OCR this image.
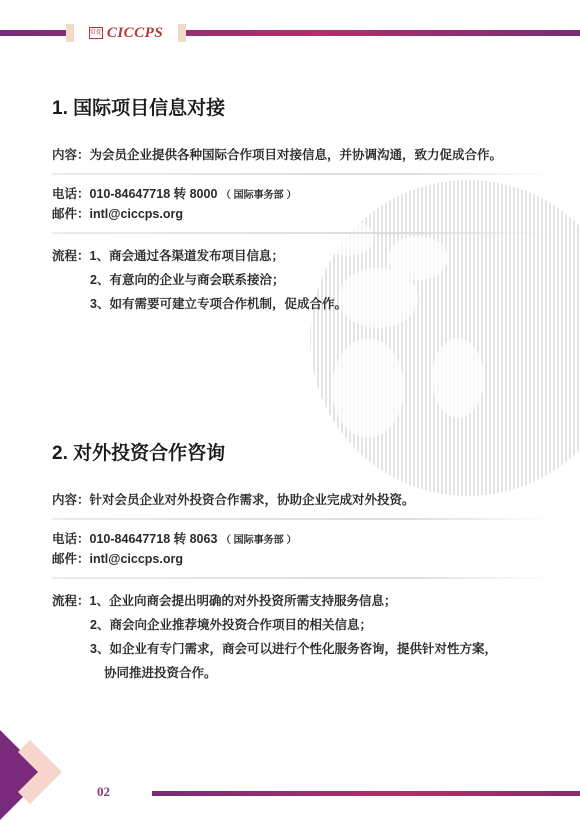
贸促 CICCPS
1. 国际项目信息对接
内容：为会员企业提供各种国际合作项目对接信息，并协调沟通，致力促成合作。
电话：010-84647718 转 8000 （ 国际事务部 ）
邮件：intl@ciccps.org
流程：1、商会通过各渠道发布项目信息；
2、有意向的企业与商会联系接洽；
3、如有需要可建立专项合作机制，促成合作。
2. 对外投资合作咨询
内容：针对会员企业对外投资合作需求，协助企业完成对外投资。
电话：010-84647718 转 8063 （ 国际事务部 ）
邮件：intl@ciccps.org
流程：1、企业向商会提出明确的对外投资所需支持服务信息；
2、商会向企业推荐境外投资合作项目的相关信息；
3、如企业有专门需求，商会可以进行个性化服务咨询，提供针对性方案，
协同推进投资合作。
02
